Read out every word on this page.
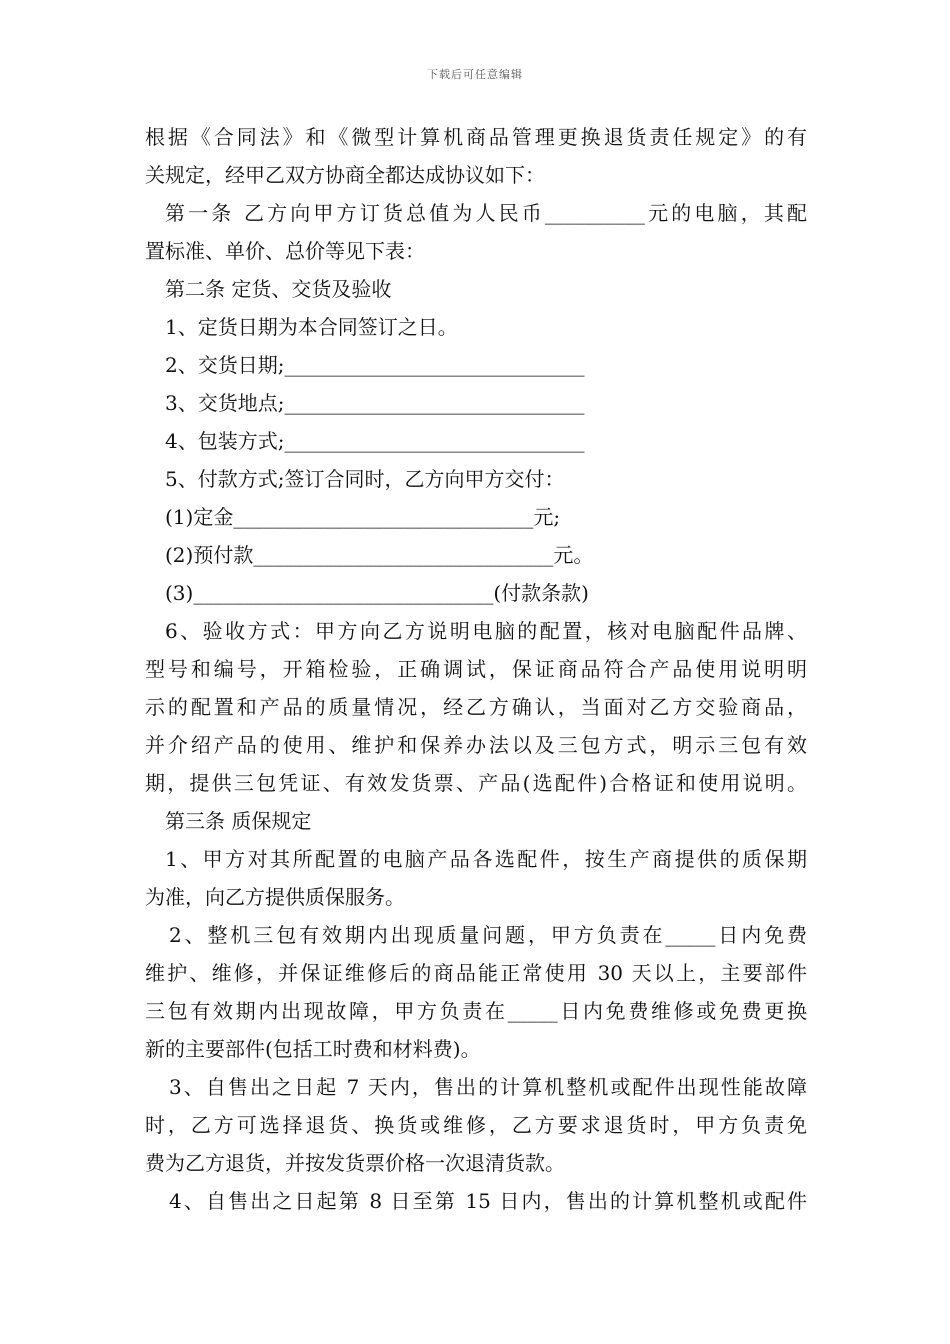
下载后可任意编辑
根据《合同法》和《微型计算机商品管理更换退货责任规定》的有
关规定，经甲乙双方协商全都达成协议如下：
第一条 乙方向甲方订货总值为人民币__________元的电脑，其配
置标准、单价、总价等见下表：
第二条 定货、交货及验收
1、定货日期为本合同签订之日。
2、交货日期;______________________________
3、交货地点;______________________________
4、包装方式;______________________________
5、付款方式;签订合同时，乙方向甲方交付：
(1)定金______________________________元;
(2)预付款______________________________元。
(3)______________________________(付款条款)
6、验收方式：甲方向乙方说明电脑的配置，核对电脑配件品牌、
型号和编号，开箱检验，正确调试，保证商品符合产品使用说明明
示的配置和产品的质量情况，经乙方确认，当面对乙方交验商品，
并介绍产品的使用、维护和保养办法以及三包方式，明示三包有效
期，提供三包凭证、有效发货票、产品(选配件)合格证和使用说明。
第三条 质保规定
1、甲方对其所配置的电脑产品各选配件，按生产商提供的质保期
为准，向乙方提供质保服务。
2、整机三包有效期内出现质量问题，甲方负责在_____日内免费
维护、维修，并保证维修后的商品能正常使用 30 天以上，主要部件
三包有效期内出现故障，甲方负责在_____日内免费维修或免费更换
新的主要部件(包括工时费和材料费)。
3、自售出之日起 7 天内，售出的计算机整机或配件出现性能故障
时，乙方可选择退货、换货或维修，乙方要求退货时，甲方负责免
费为乙方退货，并按发货票价格一次退清货款。
4、自售出之日起第 8 日至第 15 日内，售出的计算机整机或配件
